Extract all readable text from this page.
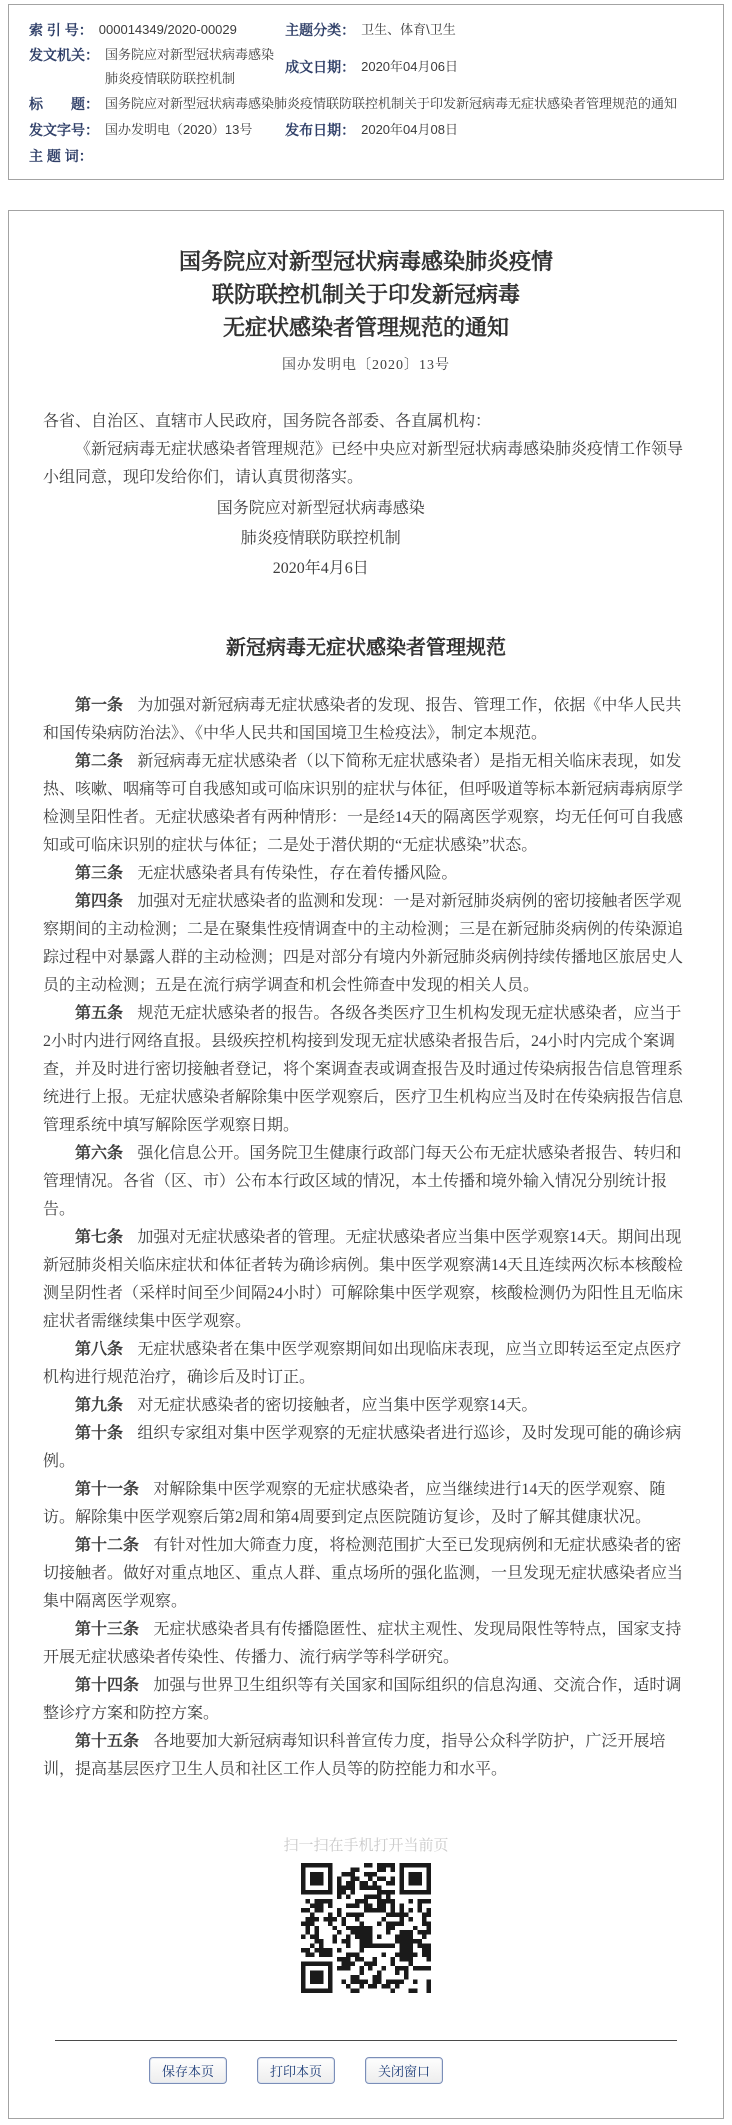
索 引 号： 000014349/2020-00029	主题分类： 卫生、体育\卫生
发文机关： 国务院应对新型冠状病毒感染肺炎疫情联防联控机制
成文日期： 2020年04月06日
标　　题： 国务院应对新型冠状病毒感染肺炎疫情联防联控机制关于印发新冠病毒无症状感染者管理规范的通知
发文字号： 国办发明电（2020）13号 发布日期： 2020年04月08日
主 题 词：
国务院应对新型冠状病毒感染肺炎疫情
联防联控机制关于印发新冠病毒
无症状感染者管理规范的通知
国办发明电〔2020〕13号

各省、自治区、直辖市人民政府，国务院各部委、各直属机构：

《新冠病毒无症状感染者管理规范》已经中央应对新型冠状病毒感染肺炎疫情工作领导小组同意，现印发给你们，请认真贯彻落实。

国务院应对新型冠状病毒感染
肺炎疫情联防联控机制
2020年4月6日
新冠病毒无症状感染者管理规范

第一条 为加强对新冠病毒无症状感染者的发现、报告、管理工作，依据《中华人民共和国传染病防治法》、《中华人民共和国国境卫生检疫法》，制定本规范。

第二条 新冠病毒无症状感染者（以下简称无症状感染者）是指无相关临床表现，如发热、咳嗽、咽痛等可自我感知或可临床识别的症状与体征，但呼吸道等标本新冠病毒病原学检测呈阳性者。无症状感染者有两种情形：一是经14天的隔离医学观察，均无任何可自我感知或可临床识别的症状与体征；二是处于潜伏期的“无症状感染”状态。

第三条 无症状感染者具有传染性，存在着传播风险。

第四条 加强对无症状感染者的监测和发现：一是对新冠肺炎病例的密切接触者医学观察期间的主动检测；二是在聚集性疫情调查中的主动检测；三是在新冠肺炎病例的传染源追踪过程中对暴露人群的主动检测；四是对部分有境内外新冠肺炎病例持续传播地区旅居史人员的主动检测；五是在流行病学调查和机会性筛查中发现的相关人员。

第五条 规范无症状感染者的报告。各级各类医疗卫生机构发现无症状感染者，应当于2小时内进行网络直报。县级疾控机构接到发现无症状感染者报告后，24小时内完成个案调查，并及时进行密切接触者登记，将个案调查表或调查报告及时通过传染病报告信息管理系统进行上报。无症状感染者解除集中医学观察后，医疗卫生机构应当及时在传染病报告信息管理系统中填写解除医学观察日期。

第六条 强化信息公开。国务院卫生健康行政部门每天公布无症状感染者报告、转归和管理情况。各省（区、市）公布本行政区域的情况，本土传播和境外输入情况分别统计报告。

第七条 加强对无症状感染者的管理。无症状感染者应当集中医学观察14天。期间出现新冠肺炎相关临床症状和体征者转为确诊病例。集中医学观察满14天且连续两次标本核酸检测呈阴性者（采样时间至少间隔24小时）可解除集中医学观察，核酸检测仍为阳性且无临床症状者需继续集中医学观察。

第八条 无症状感染者在集中医学观察期间如出现临床表现，应当立即转运至定点医疗机构进行规范治疗，确诊后及时订正。

第九条 对无症状感染者的密切接触者，应当集中医学观察14天。

第十条 组织专家组对集中医学观察的无症状感染者进行巡诊，及时发现可能的确诊病例。

第十一条 对解除集中医学观察的无症状感染者，应当继续进行14天的医学观察、随访。解除集中医学观察后第2周和第4周要到定点医院随访复诊，及时了解其健康状况。

第十二条 有针对性加大筛查力度，将检测范围扩大至已发现病例和无症状感染者的密切接触者。做好对重点地区、重点人群、重点场所的强化监测，一旦发现无症状感染者应当集中隔离医学观察。

第十三条 无症状感染者具有传播隐匿性、症状主观性、发现局限性等特点，国家支持开展无症状感染者传染性、传播力、流行病学等科学研究。

第十四条 加强与世界卫生组织等有关国家和国际组织的信息沟通、交流合作，适时调整诊疗方案和防控方案。

第十五条 各地要加大新冠病毒知识科普宣传力度，指导公众科学防护，广泛开展培训，提高基层医疗卫生人员和社区工作人员等的防控能力和水平。

扫一扫在手机打开当前页
保存本页	打印本页	关闭窗口
